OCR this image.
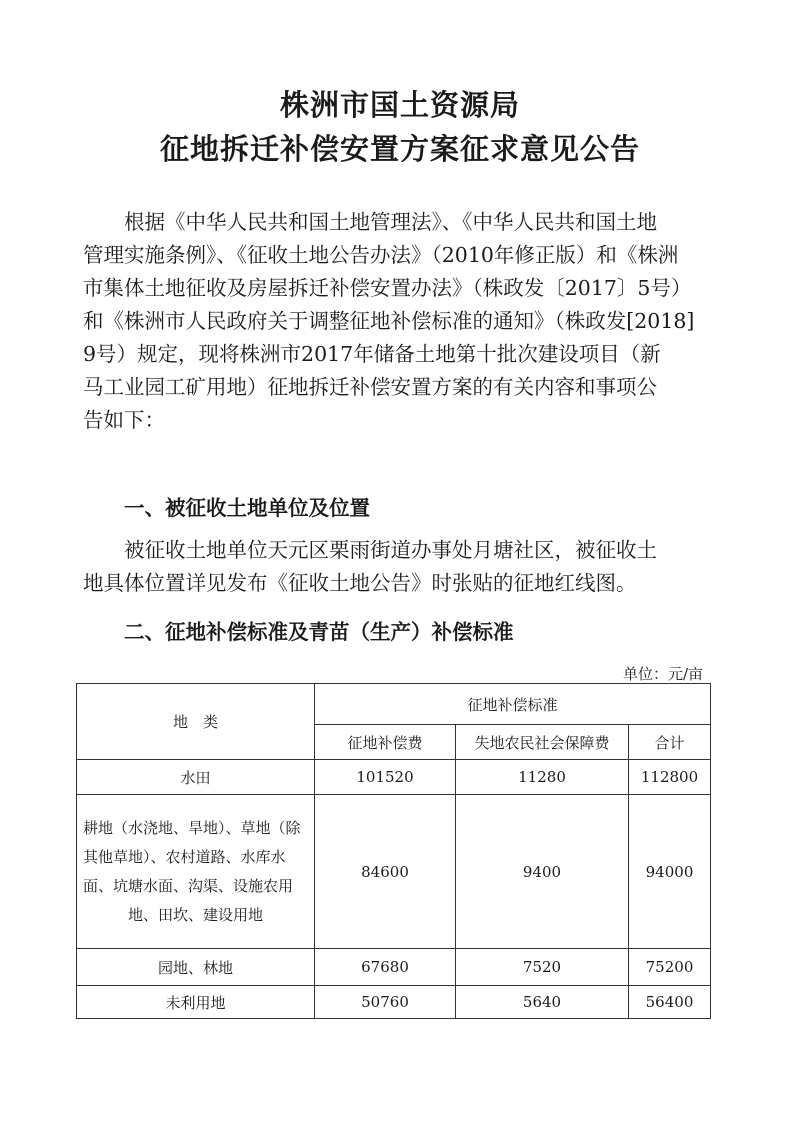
株洲市国土资源局
征地拆迁补偿安置方案征求意见公告
　　根据《中华人民共和国土地管理法》、《中华人民共和国土地
管理实施条例》、《征收土地公告办法》（2010年修正版）和《株洲
市集体土地征收及房屋拆迁补偿安置办法》（株政发〔2017〕5号）
和《株洲市人民政府关于调整征地补偿标准的通知》（株政发[2018]
9号）规定，现将株洲市2017年储备土地第十批次建设项目（新
马工业园工矿用地）征地拆迁补偿安置方案的有关内容和事项公
告如下：
　　一、被征收土地单位及位置
　　被征收土地单位天元区栗雨街道办事处月塘社区，被征收土
地具体位置详见发布《征收土地公告》时张贴的征地红线图。
　　二、征地补偿标准及青苗（生产）补偿标准
单位：元/亩
地　类	征地补偿标准		
	征地补偿费	失地农民社会保障费	合计
水田	101520	11280	112800

耕地（水浇地、旱地）、草地（除
其他草地）、农村道路、水库水
面、坑塘水面、沟渠、设施农用
地、田坎、建设用地	84600	9400	94000
园地、林地	67680	7520	75200
未利用地	50760	5640	56400
